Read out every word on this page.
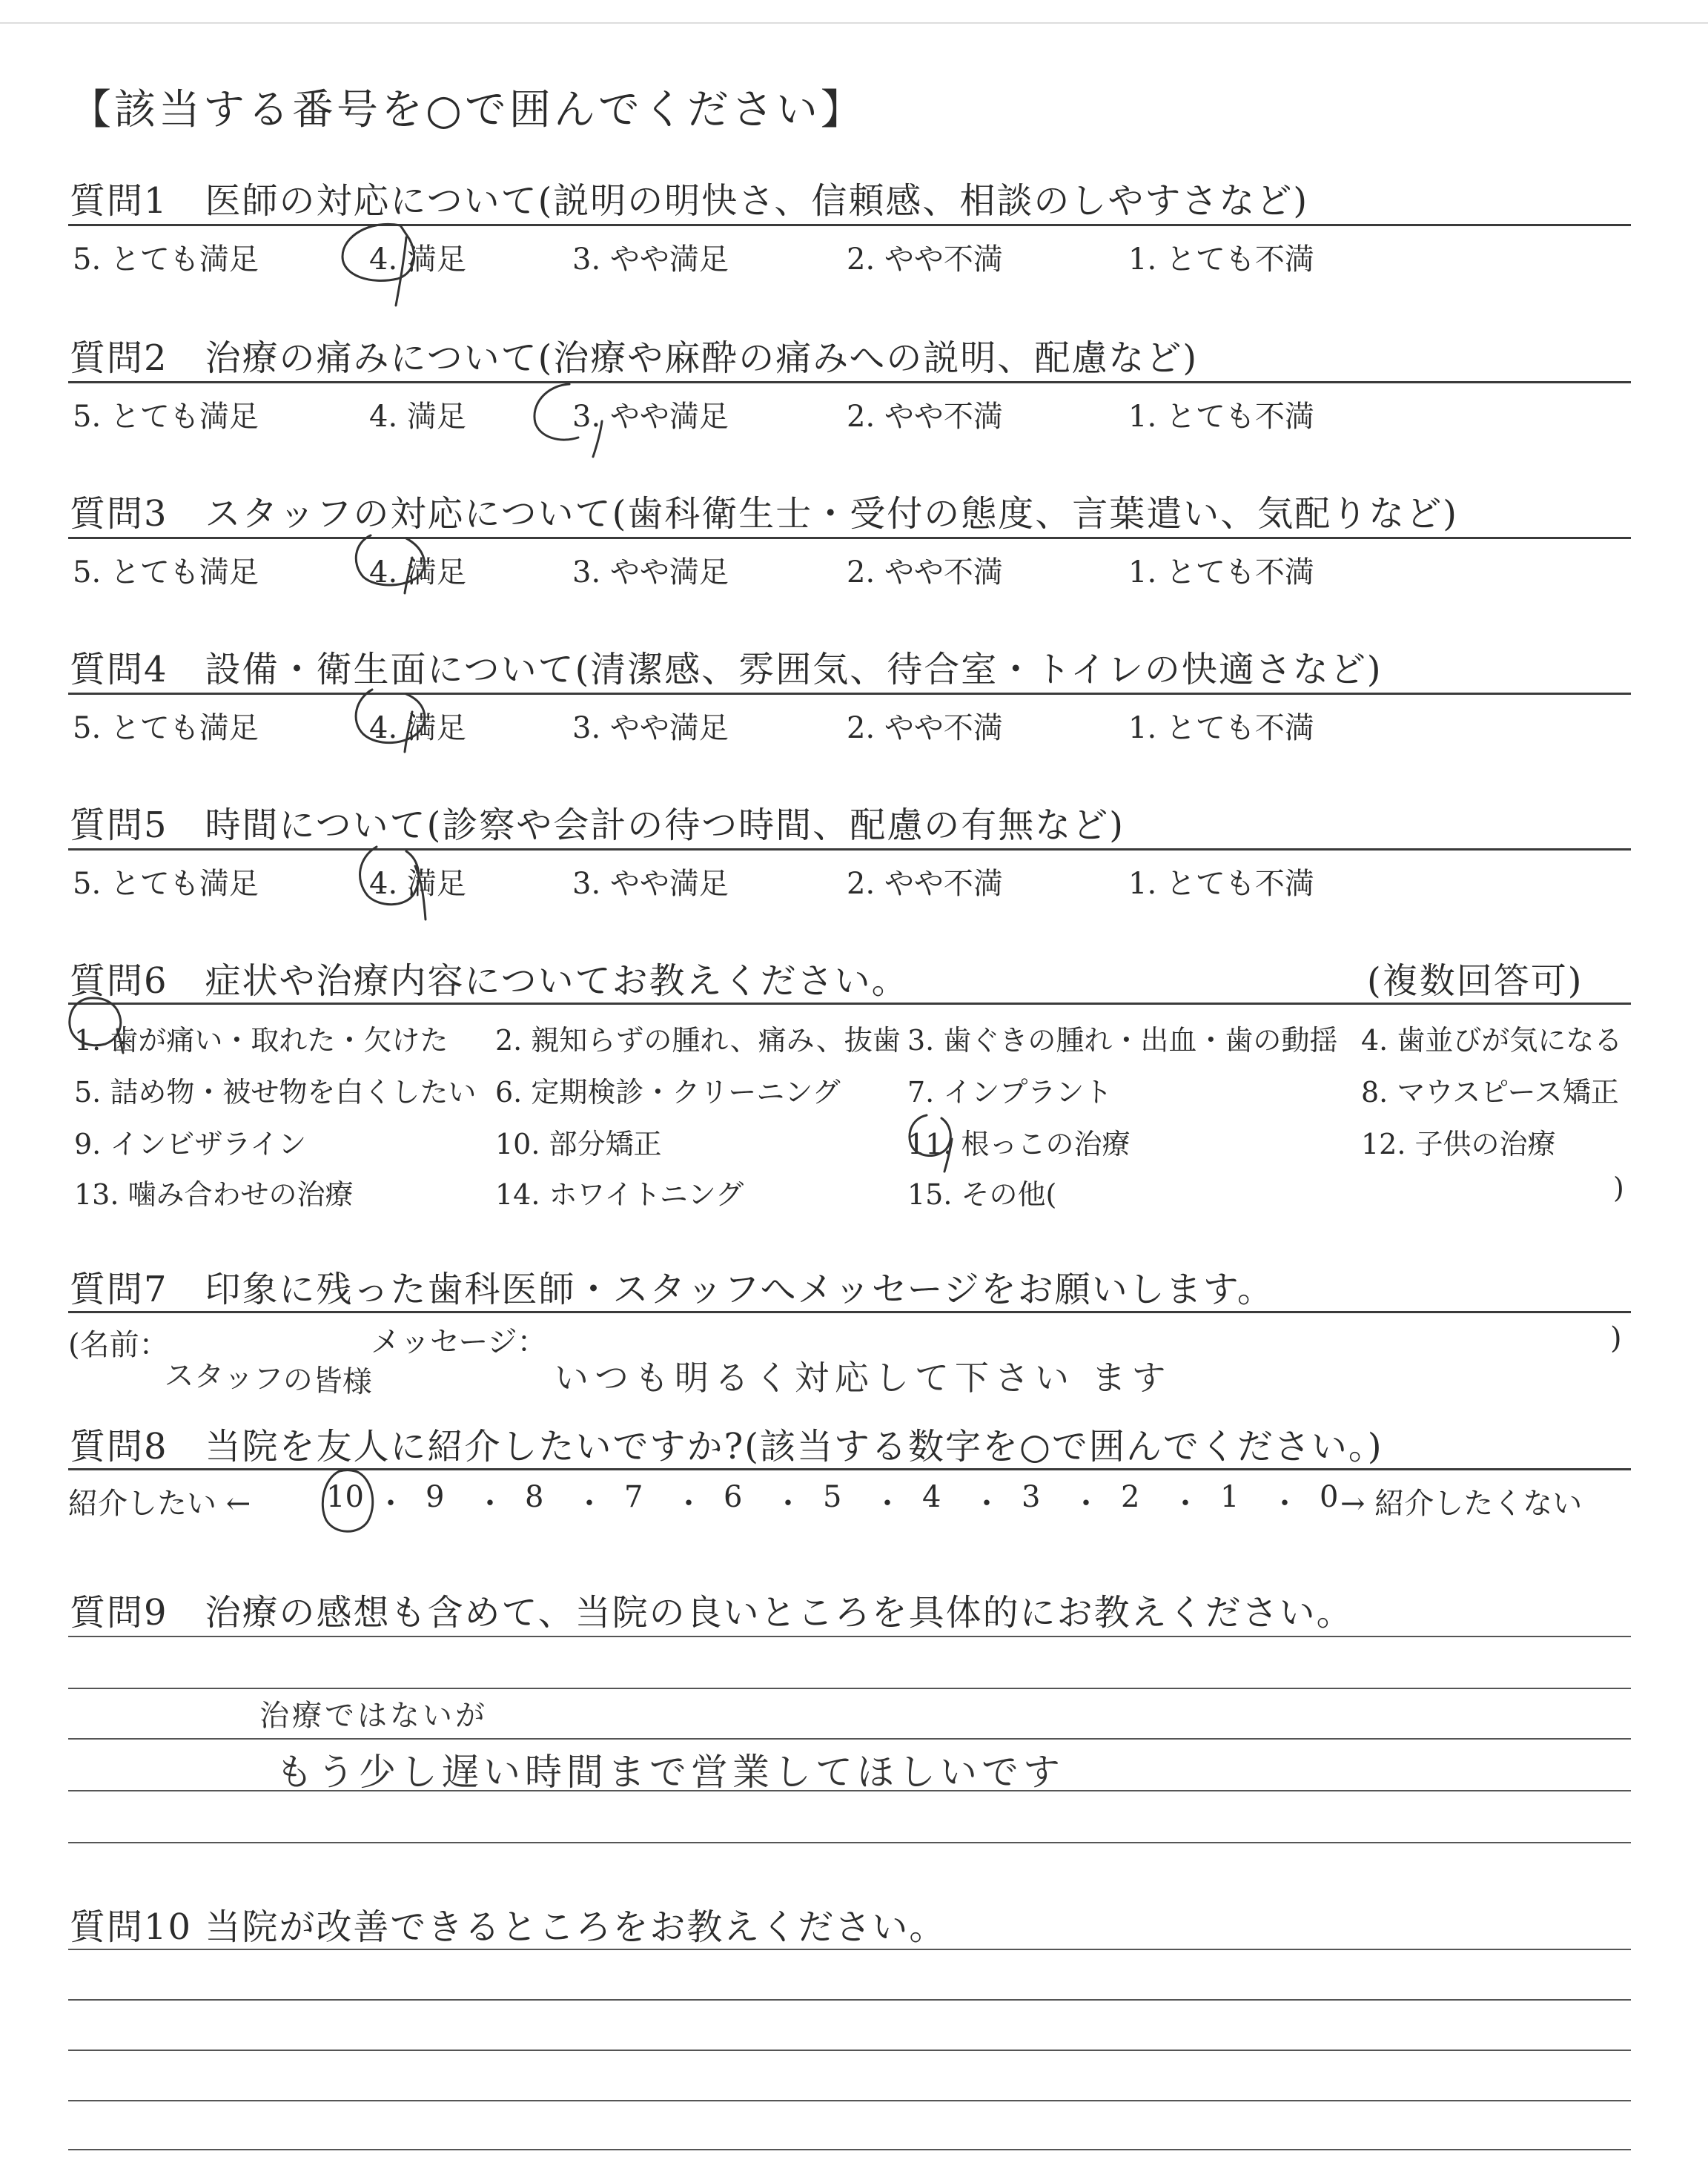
【該当する番号を○で囲んでください】
質問1　医師の対応について(説明の明快さ、信頼感、相談のしやすさなど)
5. とても満足	4. 満足	3. やや満足	2. やや不満	1. とても不満
質問2　治療の痛みについて(治療や麻酔の痛みへの説明、配慮など)
5. とても満足	4. 満足	3. やや満足	2. やや不満	1. とても不満
質問3　スタッフの対応について(歯科衛生士・受付の態度、言葉遣い、気配りなど)
5. とても満足	4. 満足	3. やや満足	2. やや不満	1. とても不満
質問4　設備・衛生面について(清潔感、雰囲気、待合室・トイレの快適さなど)
5. とても満足	4. 満足	3. やや満足	2. やや不満	1. とても不満
質問5　時間について(診察や会計の待つ時間、配慮の有無など)
5. とても満足	4. 満足	3. やや満足	2. やや不満	1. とても不満
質問6　症状や治療内容についてお教えください。	(複数回答可)
1. 歯が痛い・取れた・欠けた 2. 親知らずの腫れ、痛み、抜歯 3. 歯ぐきの腫れ・出血・歯の動揺 4. 歯並びが気になる
5. 詰め物・被せ物を白くしたい 6. 定期検診・クリーニング 7. インプラント	8. マウスピース矯正
9. インビザライン	10. 部分矯正	11. 根っこの治療	12. 子供の治療
13. 噛み合わせの治療	14. ホワイトニング	15. その他(	)
質問7　印象に残った歯科医師・スタッフへメッセージをお願いします。
(名前：	メッセージ：	)
スタッフの皆様	いつも明るく対応して下さい ます
質問8　当院を友人に紹介したいですか?(該当する数字を○で囲んでください。)
紹介したい ←	10 ・ 9 ・ 8 ・ 7 ・ 6 ・ 5 ・ 4 ・ 3 ・ 2 ・ 1 ・ 0 → 紹介したくない
質問9　治療の感想も含めて、当院の良いところを具体的にお教えください。
治療ではないが
もう少し遅い時間まで営業してほしいです
質問10 当院が改善できるところをお教えください。
